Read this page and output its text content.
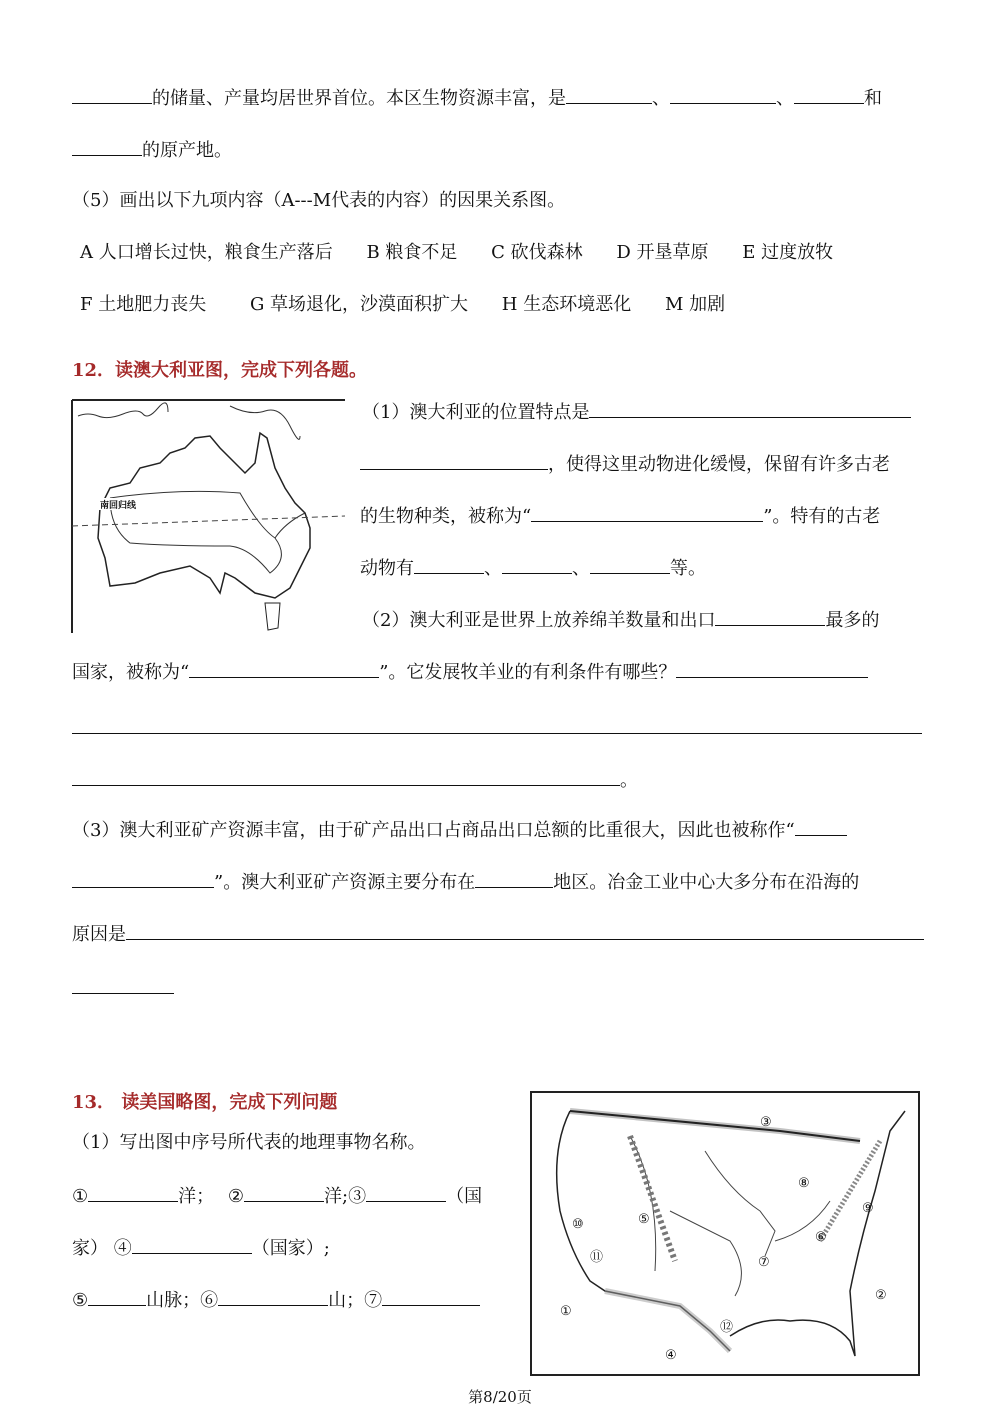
的储量、产量均居世界首位。本区生物资源丰富，是	、	、	和
的原产地。
（5）画出以下九项内容（A---M代表的内容）的因果关系图。
A 人口增长过快，粮食生产落后 B 粮食不足 C 砍伐森林 D 开垦草原 E 过度放牧
F 土地肥力丧失 G 草场退化，沙漠面积扩大 H 生态环境恶化 M 加剧
12．读澳大利亚图，完成下列各题。
南回归线
（1）澳大利亚的位置特点是
，使得这里动物进化缓慢，保留有许多古老
的生物种类，被称为“	”。特有的古老
动物有	、	、	等。
（2）澳大利亚是世界上放养绵羊数量和出口	最多的
国家，被称为“	”。它发展牧羊业的有利条件有哪些？
。
（3）澳大利亚矿产资源丰富，由于矿产品出口占商品出口总额的比重很大，因此也被称作“
”。澳大利亚矿产资源主要分布在	地区。冶金工业中心大多分布在沿海的
原因是
13． 读美国略图，完成下列问题
（1）写出图中序号所代表的地理事物名称。
①	洋； ②	洋;③	（国
家） ④	（国家）;
⑤	山脉；⑥	山；⑦
①
②
③
④
⑤
⑥
⑦
⑧
⑨
⑩
⑪
⑫
第8/20页
